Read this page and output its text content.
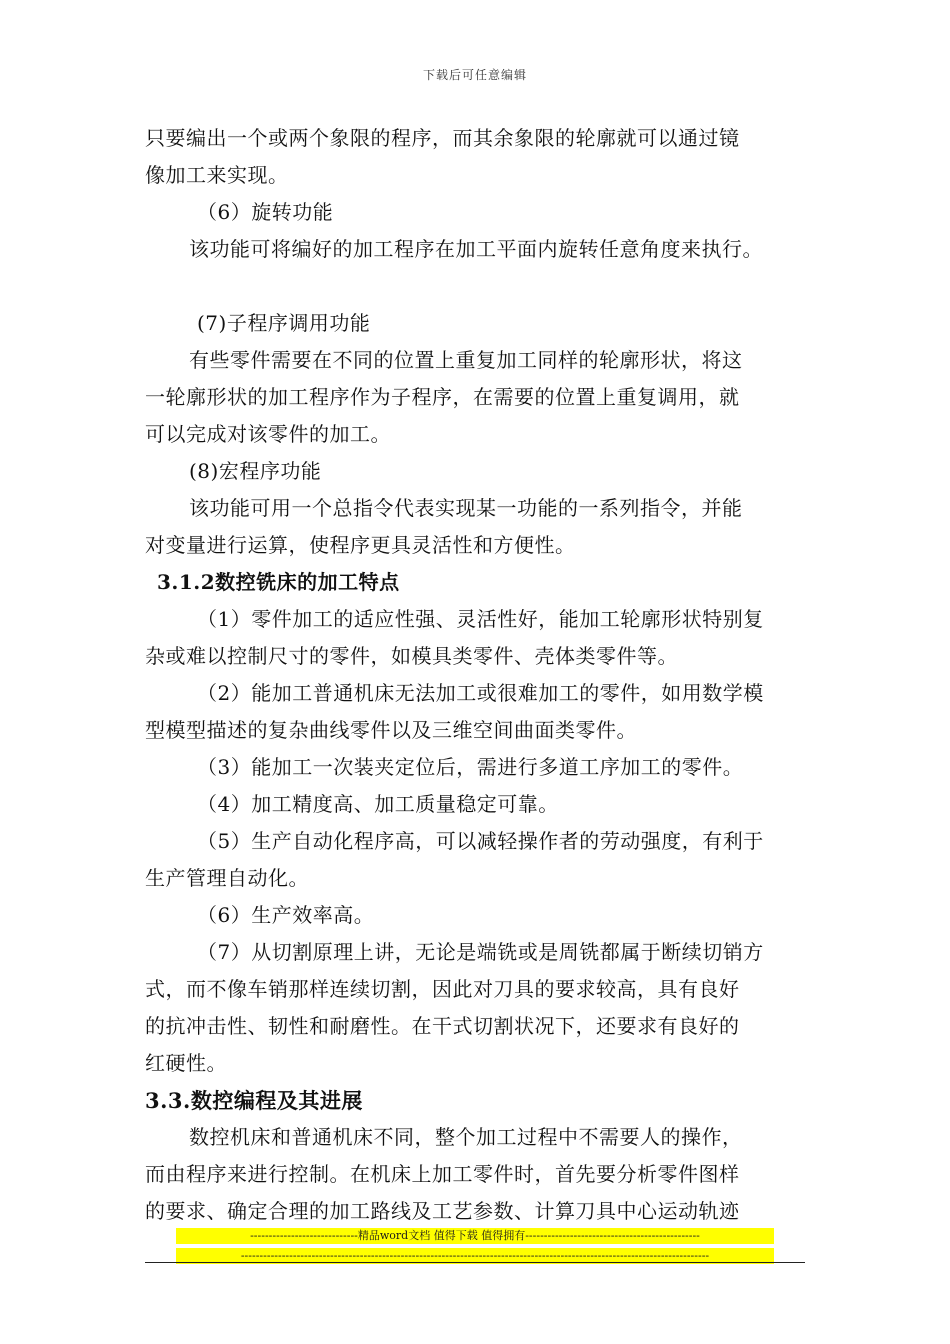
下载后可任意编辑
只要编出一个或两个象限的程序，而其余象限的轮廓就可以通过镜
像加工来实现。
（6）旋转功能
该功能可将编好的加工程序在加工平面内旋转任意角度来执行。
(7)子程序调用功能
有些零件需要在不同的位置上重复加工同样的轮廓形状，将这
一轮廓形状的加工程序作为子程序，在需要的位置上重复调用，就
可以完成对该零件的加工。
(8)宏程序功能
该功能可用一个总指令代表实现某一功能的一系列指令，并能
对变量进行运算，使程序更具灵活性和方便性。
3.1.2数控铣床的加工特点
（1）零件加工的适应性强、灵活性好，能加工轮廓形状特别复
杂或难以控制尺寸的零件，如模具类零件、壳体类零件等。
（2）能加工普通机床无法加工或很难加工的零件，如用数学模
型模型描述的复杂曲线零件以及三维空间曲面类零件。
（3）能加工一次装夹定位后，需进行多道工序加工的零件。
（4）加工精度高、加工质量稳定可靠。
（5）生产自动化程序高，可以减轻操作者的劳动强度，有利于
生产管理自动化。
（6）生产效率高。
（7）从切割原理上讲，无论是端铣或是周铣都属于断续切销方
式，而不像车销那样连续切割，因此对刀具的要求较高，具有良好
的抗冲击性、韧性和耐磨性。在干式切割状况下，还要求有良好的
红硬性。
3.3.数控编程及其进展
数控机床和普通机床不同，整个加工过程中不需要人的操作，
而由程序来进行控制。在机床上加工零件时，首先要分析零件图样
的要求、确定合理的加工路线及工艺参数、计算刀具中心运动轨迹
-----------------------------精品word文档 值得下载 值得拥有-----------------------------------------------
------------------------------------------------------------------------------------------------------------------------------
